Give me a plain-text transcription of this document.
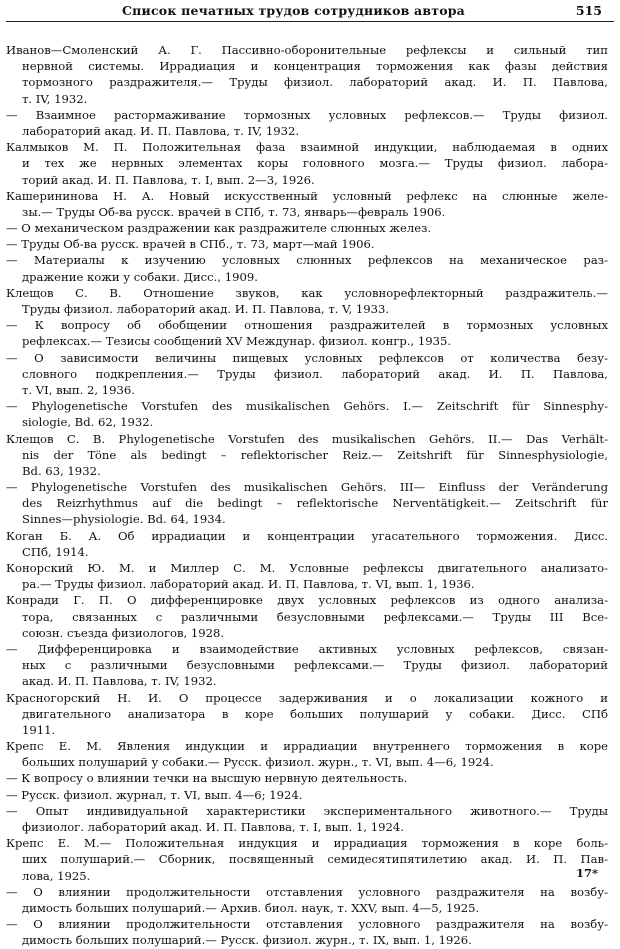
Список печатных трудов сотрудников автора	515
Иванов—Смоленский А. Г. Пассивно-оборонительные рефлексы и сильный тип
нервной системы. Иррадиация и концентрация торможения как фазы действия
тормозного раздражителя.— Труды физиол. лабораторий акад. И. П. Павлова,
т. IV, 1932.
— Взаимное растормаживание тормозных условных рефлексов.— Труды физиол.
лабораторий акад. И. П. Павлова, т. IV, 1932.
Калмыков М. П. Положительная фаза взаимной индукции, наблюдаемая в одних
и тех же нервных элементах коры головного мозга.— Труды физиол. лабора-
торий акад. И. П. Павлова, т. I, вып. 2—3, 1926.
Кашерининова Н. А. Новый искусственный условный рефлекс на слюнные желе-
зы.— Труды Об-ва русск. врачей в СПб, т. 73, январь—февраль 1906.
— О механическом раздражении как раздражителе слюнных желез.
— Труды Об-ва русск. врачей в СПб., т. 73, март—май 1906.
— Материалы к изучению условных слюнных рефлексов на механическое раз-
дражение кожи у собаки. Дисс., 1909.
Клещов С. В. Отношение звуков, как условнорефлекторный раздражитель.—
Труды физиол. лабораторий акад. И. П. Павлова, т. V, 1933.
— К вопросу об обобщении отношения раздражителей в тормозных условных
рефлексах.— Тезисы сообщений XV Междунар. физиол. конгр., 1935.
— О зависимости величины пищевых условных рефлексов от количества безу-
словного подкрепления.— Труды физиол. лабораторий акад. И. П. Павлова,
т. VI, вып. 2, 1936.
— Phylogenetische Vorstufen des musikalischen Gehörs. I.— Zeitschrift für Sinnesphy-
siologie, Bd. 62, 1932.
Клещов С. В. Phylogenetische Vorstufen des musikalischen Gehörs. II.— Das Verhält-
nis der Töne als bedingt – reflektorischer Reiz.— Zeitshrift für Sinnesphysiologie,
Bd. 63, 1932.
— Phylogenetische Vorstufen des musikalischen Gehörs. III— Einfluss der Veränderung
des Reizrhythmus auf die bedingt – reflektorische Nerventätigkeit.— Zeitschrift für
Sinnes—physiologie. Bd. 64, 1934.
Коган Б. А. Об иррадиации и концентрации угасательного торможения. Дисс.
СПб, 1914.
Конорский Ю. М. и Миллер С. М. Условные рефлексы двигательного анализато-
ра.— Труды физиол. лабораторий акад. И. П. Павлова, т. VI, вып. 1, 1936.
Конради Г. П. О дифференцировке двух условных рефлексов из одного анализа-
тора, связанных с различными безусловными рефлексами.— Труды III Все-
союзн. съезда физиологов, 1928.
— Дифференцировка и взаимодействие активных условных рефлексов, связан-
ных с различными безусловными рефлексами.— Труды физиол. лабораторий
акад. И. П. Павлова, т. IV, 1932.
Красногорский Н. И. О процессе задерживания и о локализации кожного и
двигательного анализатора в коре больших полушарий у собаки. Дисс. СПб
1911.
Крепс Е. М. Явления индукции и иррадиации внутреннего торможения в коре
больших полушарий у собаки.— Русск. физиол. журн., т. VI, вып. 4—6, 1924.
— К вопросу о влиянии течки на высшую нервную деятельность.
— Русск. физиол. журнал, т. VI, вып. 4—6; 1924.
— Опыт индивидуальной характеристики экспериментального животного.— Труды
физиолог. лабораторий акад. И. П. Павлова, т. I, вып. 1, 1924.
Крепс Е. М.— Положительная индукция и иррадиация торможения в коре боль-
ших полушарий.— Сборник, посвященный семидесятипятилетию акад. И. П. Пав-
лова, 1925.
— О влиянии продолжительности отставления условного раздражителя на возбу-
димость больших полушарий.— Архив. биол. наук, т. XXV, вып. 4—5, 1925.
— О влиянии продолжительности отставления условного раздражителя на возбу-
димость больших полушарий.— Русск. физиол. журн., т. IX, вып. 1, 1926.
17*
